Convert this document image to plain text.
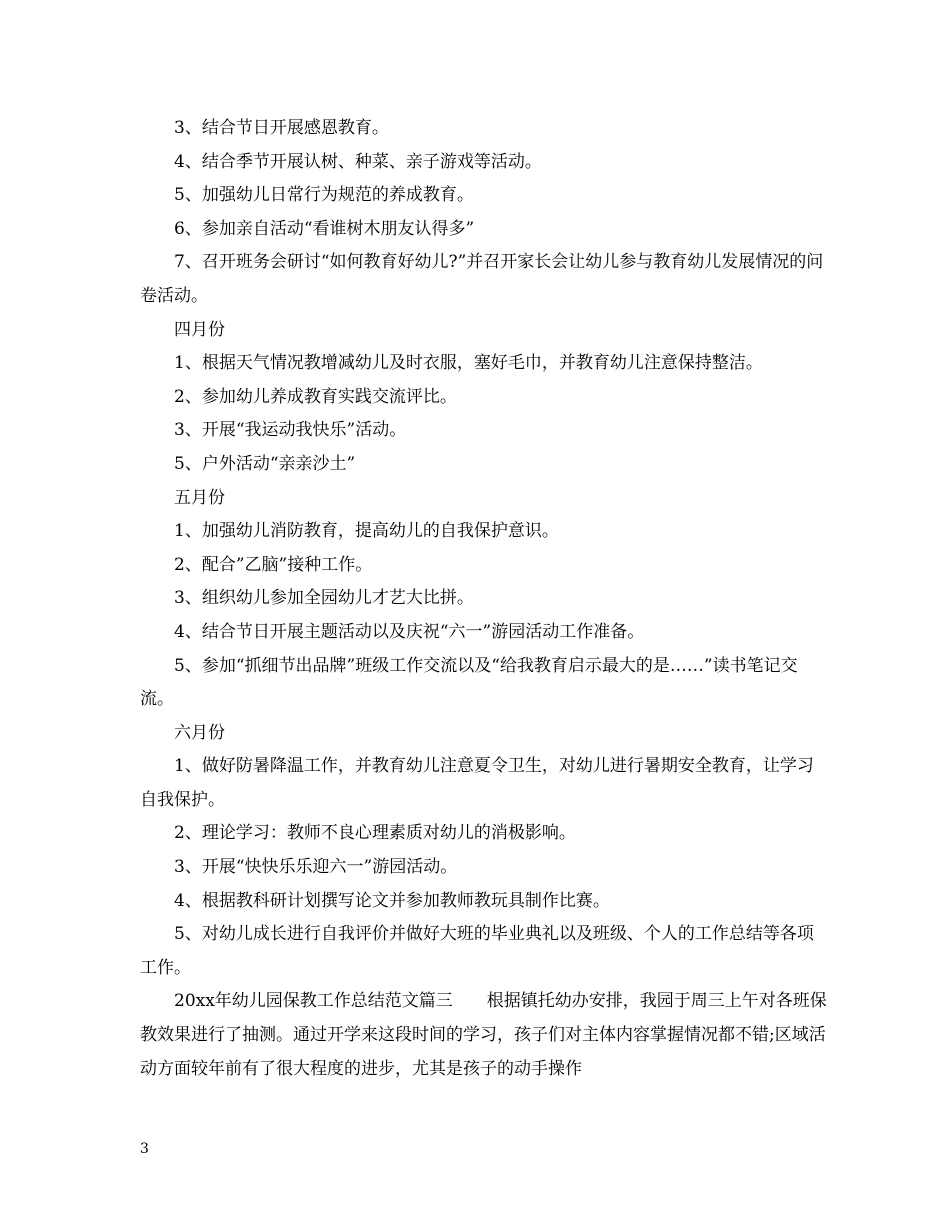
3、结合节日开展感恩教育。

4、结合季节开展认树、种菜、亲子游戏等活动。

5、加强幼儿日常行为规范的养成教育。

6、参加亲自活动“看谁树木朋友认得多”

7、召开班务会研讨“如何教育好幼儿?”并召开家长会让幼儿参与教育幼儿发展情况的问卷活动。

四月份

1、根据天气情况教增减幼儿及时衣服，塞好毛巾，并教育幼儿注意保持整洁。

2、参加幼儿养成教育实践交流评比。

3、开展“我运动我快乐”活动。

5、户外活动“亲亲沙土”

五月份

1、加强幼儿消防教育，提高幼儿的自我保护意识。

2、配合”乙脑”接种工作。

3、组织幼儿参加全园幼儿才艺大比拼。

4、结合节日开展主题活动以及庆祝“六一”游园活动工作准备。

5、参加“抓细节出品牌”班级工作交流以及“给我教育启示最大的是……”读书笔记交流。

六月份

1、做好防暑降温工作，并教育幼儿注意夏令卫生，对幼儿进行暑期安全教育，让学习自我保护。

2、理论学习：教师不良心理素质对幼儿的消极影响。

3、开展“快快乐乐迎六一”游园活动。

4、根据教科研计划撰写论文并参加教师教玩具制作比赛。

5、对幼儿成长进行自我评价并做好大班的毕业典礼以及班级、个人的工作总结等各项工作。

20xx年幼儿园保教工作总结范文篇三　　根据镇托幼办安排，我园于周三上午对各班保教效果进行了抽测。通过开学来这段时间的学习，孩子们对主体内容掌握情况都不错;区域活动方面较年前有了很大程度的进步，尤其是孩子的动手操作

3
